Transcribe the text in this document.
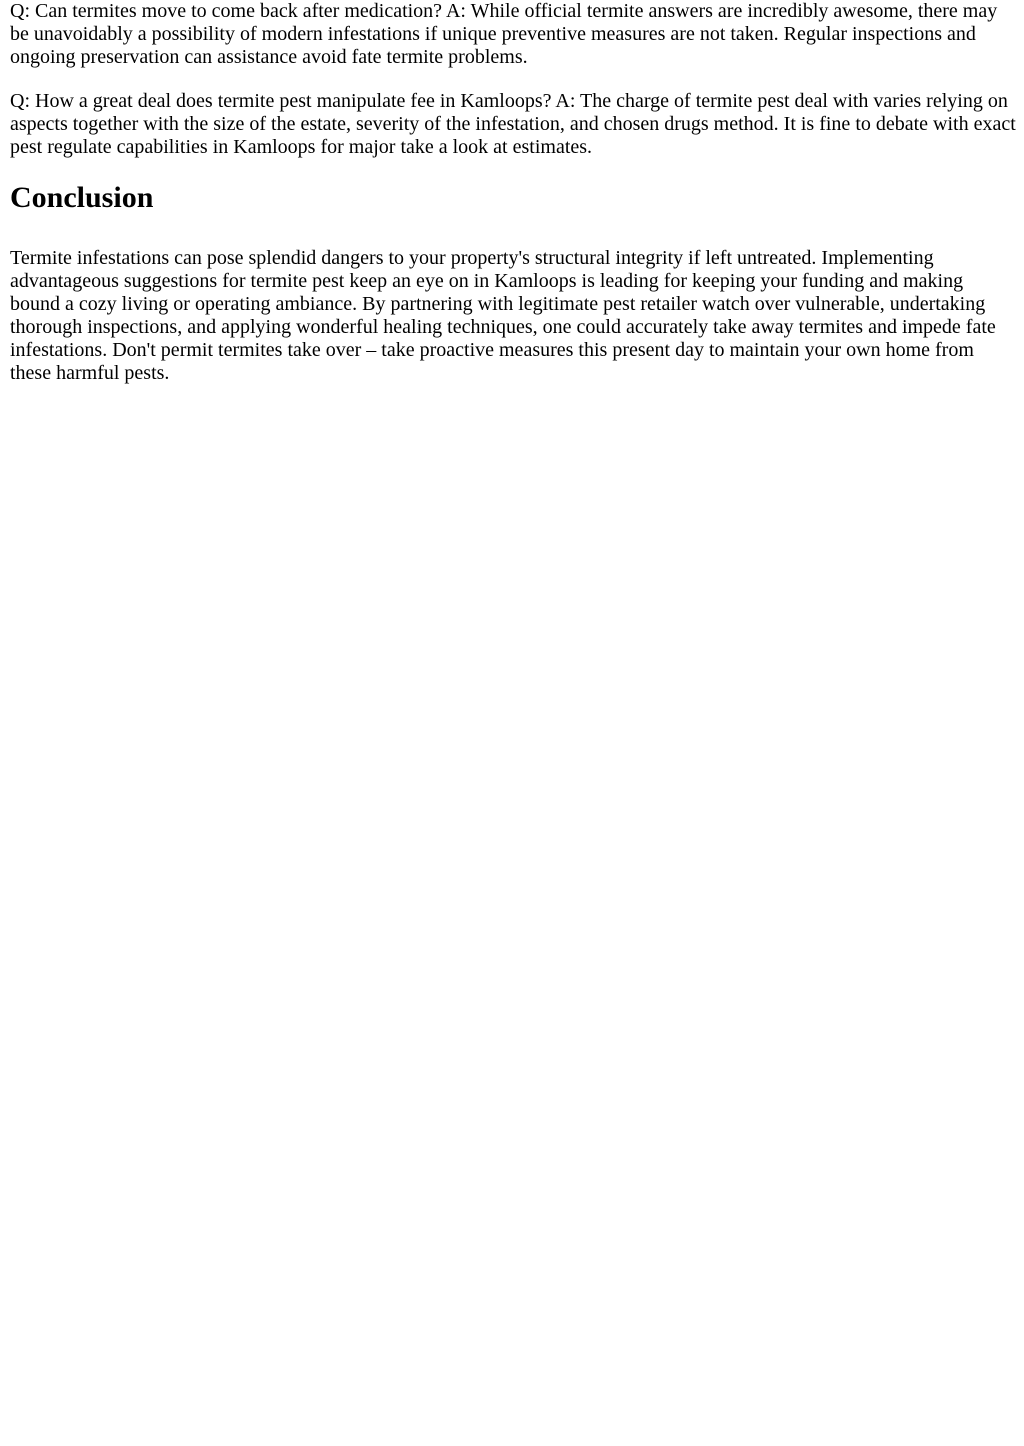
Q: Can termites move to come back after medication? A: While official termite answers are incredibly awesome, there may be unavoidably a possibility of modern infestations if unique preventive measures are not taken. Regular inspections and ongoing preservation can assistance avoid fate termite problems.

Q: How a great deal does termite pest manipulate fee in Kamloops? A: The charge of termite pest deal with varies relying on aspects together with the size of the estate, severity of the infestation, and chosen drugs method. It is fine to debate with exact pest regulate capabilities in Kamloops for major take a look at estimates.

Conclusion

Termite infestations can pose splendid dangers to your property's structural integrity if left untreated. Implementing advantageous suggestions for termite pest keep an eye on in Kamloops is leading for keeping your funding and making bound a cozy living or operating ambiance. By partnering with legitimate pest retailer watch over vulnerable, undertaking thorough inspections, and applying wonderful healing techniques, one could accurately take away termites and impede fate infestations. Don't permit termites take over – take proactive measures this present day to maintain your own home from these harmful pests.
